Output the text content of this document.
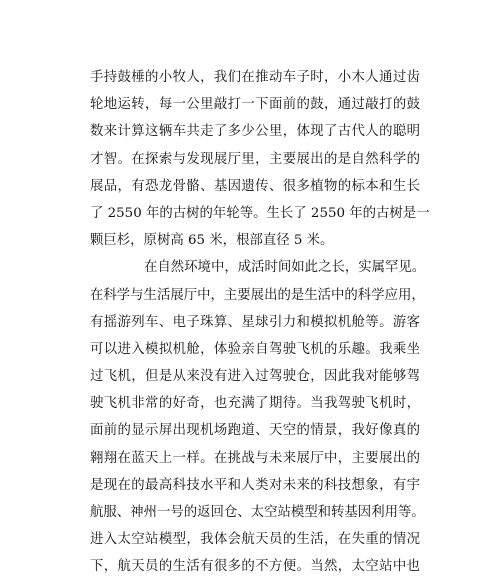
手持鼓棰的小牧人，我们在推动车子时，小木人通过齿
轮地运转，每一公里敲打一下面前的鼓，通过敲打的鼓
数来计算这辆车共走了多少公里，体现了古代人的聪明
才智。在探索与发现展厅里，主要展出的是自然科学的
展品，有恐龙骨骼、基因遗传、很多植物的标本和生长
了 2550 年的古树的年轮等。生长了 2550 年的古树是一
颗巨杉，原树高 65 米，根部直径 5 米。
在自然环境中，成活时间如此之长，实属罕见。
在科学与生活展厅中，主要展出的是生活中的科学应用，
有摇游列车、电子珠算、星球引力和模拟机舱等。游客
可以进入模拟机舱，体验亲自驾驶飞机的乐趣。我乘坐
过飞机，但是从来没有进入过驾驶仓，因此我对能够驾
驶飞机非常的好奇，也充满了期待。当我驾驶飞机时，
面前的显示屏出现机场跑道、天空的情景，我好像真的
翱翔在蓝天上一样。在挑战与未来展厅中，主要展出的
是现在的最高科技水平和人类对未来的科技想象，有宇
航服、神州一号的返回仓、太空站模型和转基因利用等。
进入太空站模型，我体会航天员的生活，在失重的情况
下，航天员的生活有很多的不方便。当然，太空站中也
